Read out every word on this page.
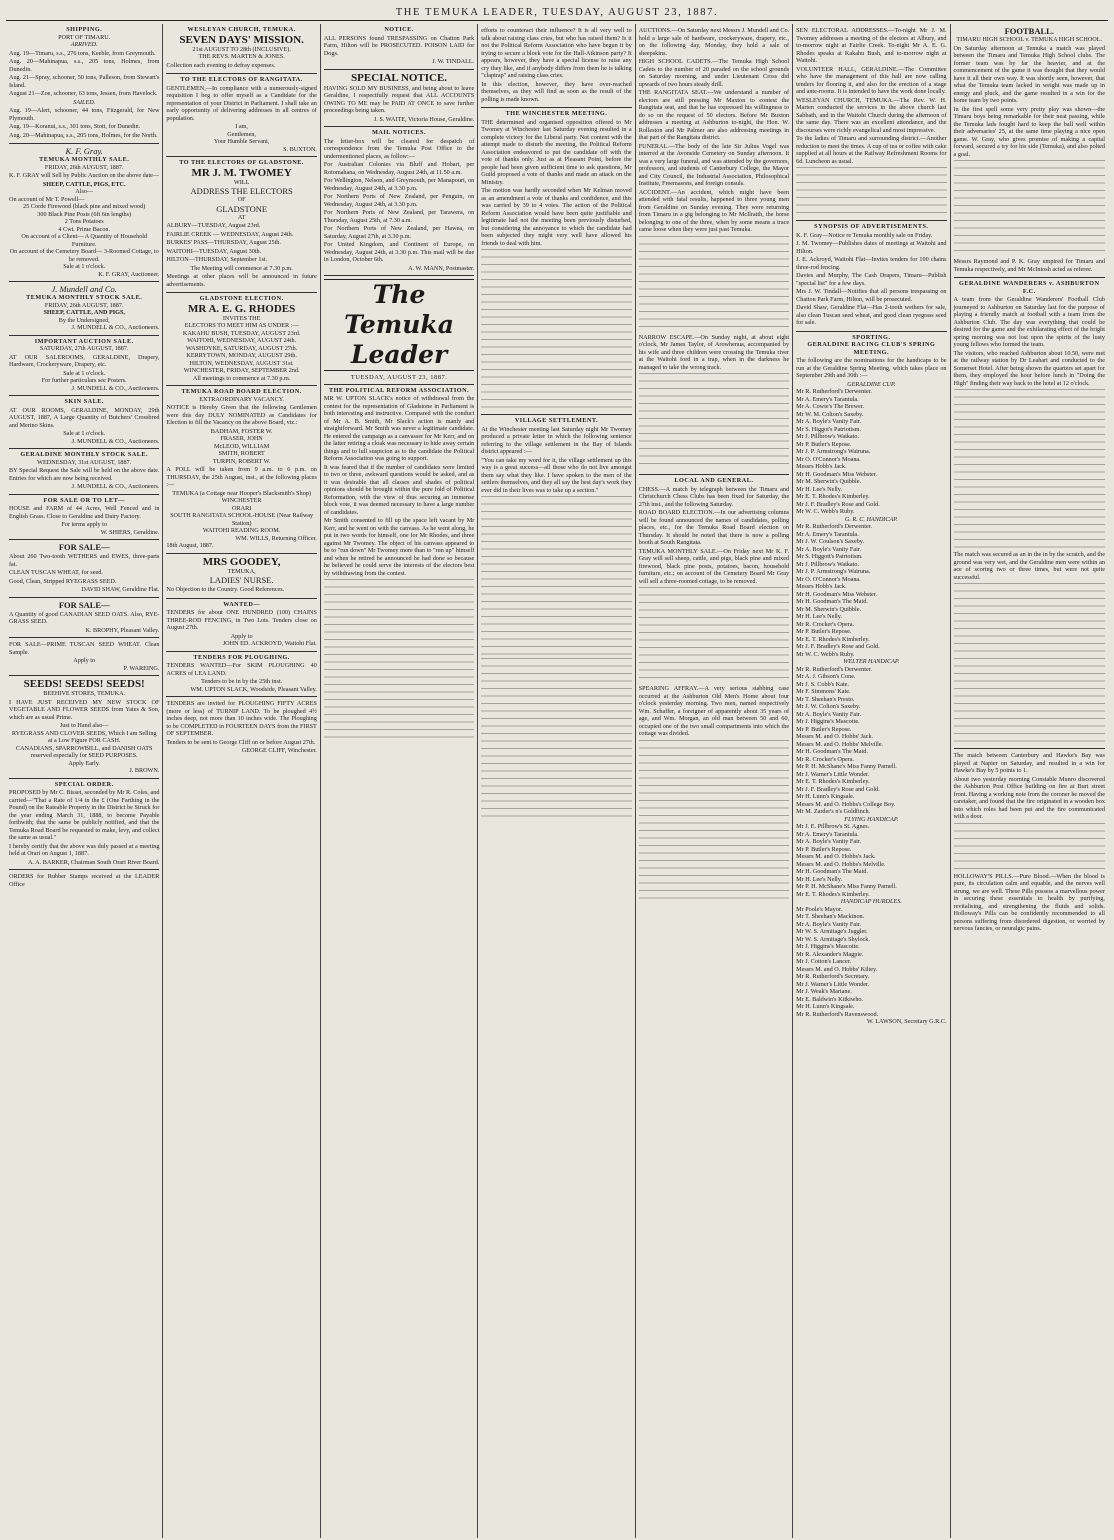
THE TEMUKA LEADER, TUESDAY, AUGUST 23, 1887.
SHIPPING.
PORT OF TIMARU.
ARRIVED.

Aug. 19—Timaru, s.s., 276 tons, Keeble, from Greymouth.

Aug. 20—Mahinapua, s.s., 205 tons, Holmes, from Dunedin.

Aug. 21—Spray, schooner, 50 tons, Palleson, from Stewart's Island.

August 21—Zoe, schooner, 63 tons, Jessen, from Havelock.

SAILED.

Aug. 19—Alert, schooner, 44 tons, Fitzgerald, for New Plymouth.

Aug. 19—Koranui, s.s., 301 tons, Stott, for Dunedin.

Aug. 20—Mahinapua, s.s., 205 tons, Holmes, for the North.

K. F. Gray.
TEMUKA MONTHLY SALE.
FRIDAY, 26th AUGUST, 1887.

K. F. GRAY will Sell by Public Auction on the above date—

SHEEP, CATTLE, PIGS, ETC.
Also—
On account of Mr T. Powell—
25 Corde Firewood (black pine and mixed wood)
300 Black Pine Posts (6ft 6in lengths)
2 Tons Potatoes
4 Cwt. Prime Bacon.
On account of a Client— A Quantity of Household Furniture.
On account of the Cemetery Board— 3-Roomed Cottage, to be removed.
Sale at 1 o'clock.
K. F. GRAY, Auctioneer.
J. Mundell and Co.
TEMUKA MONTHLY STOCK SALE.
FRIDAY, 26th AUGUST, 1887.
SHEEP, CATTLE, AND PIGS,
By the Undersigned,
J. MUNDELL & CO., Auctioneers.
IMPORTANT AUCTION SALE.
SATURDAY, 27th AUGUST, 1887.

AT OUR SALEROOMS, GERALDINE, Drapery, Hardware, Crockeryware, Drapery, etc.

Sale at 1 o'clock.
For further particulars see Posters.
J. MUNDELL & CO., Auctioneers.
SKIN SALE.

AT OUR ROOMS, GERALDINE, MONDAY, 29th AUGUST, 1887, A Large Quantity of Butchers' Crossbred and Merino Skins.

Sale at 1 o'clock.
J. MUNDELL & CO., Auctioneers.
GERALDINE MONTHLY STOCK SALE.
WEDNESDAY, 31st AUGUST, 1887.

BY Special Request the Sale will be held on the above date. Entries for which are now being received.

J. MUNDELL & CO., Auctioneers.
FOR SALE OR TO LET—

HOUSE and FARM of 44 Acres, Well Fenced and in English Grass. Close to Geraldine and Dairy Factory.

For terms apply to
W. SHIERS, Geraldine.
FOR SALE—

About 260 Two-tooth WETHERS and EWES, three-parts fat.

CLEAN TUSCAN WHEAT, for seed.

Good, Clean, Stripped RYEGRASS SEED.

DAVID SHAW, Geraldine Flat.
FOR SALE—

A Quantity of good CANADIAN SEED OATS. Also, RYE-GRASS SEED.

K. BROPHY, Pleasant Valley.

FOR SALE—PRIME TUSCAN SEED WHEAT. Clean Sample.

Apply to
P. WAREING.
SEEDS! SEEDS! SEEDS!
BEEHIVE STORES, TEMUKA.

I HAVE JUST RECEIVED MY NEW STOCK OF VEGETABLE AND FLOWER SEEDS from Yates & Son, which are as usual Prime.

Just to Hand also—
RYEGRASS AND CLOVER SEEDS, Which I am Selling at a Low Figure FOR CASH.
CANADIANS, SPARROWBILL, and DANISH OATS reserved especially for SEED PURPOSES.
Apply Early.
J. BROWN.
SPECIAL ORDER.

PROPOSED by Mr C. Bisset, seconded by Mr R. Coles, and carried—"That a Rate of 1/4 in the £ (One Farthing in the Pound) on the Rateable Property in the District be Struck for the year ending March 31, 1888, to become Payable forthwith; that the same be publicly notified, and that the Temuka Road Board be requested to make, levy, and collect the same as usual."

I hereby certify that the above was duly passed at a meeting held at Orari on August 1, 1887.

A. A. BARKER, Chairman South Orari River Board.

ORDERS for Rubber Stamps received at the LEADER Office

WESLEYAN CHURCH, TEMUKA.
SEVEN DAYS' MISSION.
21st AUGUST TO 28th (INCLUSIVE).
THE REVS. MARTEN & JONES.

Collection each evening to defray expenses.

TO THE ELECTORS OF RANGITATA.

GENTLEMEN,—In compliance with a numerously-signed requisition I beg to offer myself as a Candidate for the representation of your District in Parliament. I shall take an early opportunity of delivering addresses in all centres of population.

I am,
Gentlemen,
Your Humble Servant,
S. BUXTON.
TO THE ELECTORS OF GLADSTONE.
MR J. M. TWOMEY
WILL
ADDRESS THE ELECTORS
OF
GLADSTONE
AT

ALBURY—TUESDAY, August 23rd.

FAIRLIE CREEK — WEDNESDAY, August 24th.

BURKES' PASS—THURSDAY, August 25th.

WAITOHI—TUESDAY, August 30th.

HILTON—THURSDAY, September 1st.

The Meeting will commence at 7.30 p.m.

Meetings at other places will be announced in future advertisements.

GLADSTONE ELECTION.
MR A. E. G. RHODES
INVITES THE
ELECTORS TO MEET HIM AS UNDER :—
KAKAHU BUSH, TUESDAY, AUGUST 23rd.
WAITOHI, WEDNESDAY, AUGUST 24th.
WASHDYKE, SATURDAY, AUGUST 27th.
KERRYTOWN, MONDAY, AUGUST 29th.
HILTON, WEDNESDAY, AUGUST 31st.
WINCHESTER, FRIDAY, SEPTEMBER 2nd.
All meetings to commence at 7.30 p.m.
TEMUKA ROAD BOARD ELECTION.
EXTRAORDINARY VACANCY.

NOTICE is Hereby Given that the following Gentlemen were this day DULY NOMINATED as Candidates for Election to fill the Vacancy on the above Board, viz.:

BADHAM, FOSTER W.
FRASER, JOHN
McLEOD, WILLIAM
SMITH, ROBERT
TURPIN, ROBERT W.

A POLL will be taken from 9 a.m. to 6 p.m. on THURSDAY, the 25th August, inst., at the following places :—

TEMUKA (a Cottage near Hooper's Blacksmith's Shop)
WINCHESTER
ORARI
SOUTH RANGITATA SCHOOL-HOUSE (Near Railway Station)
WAITOHI READING ROOM.
WM. WILLS, Returning Officer.
18th August, 1887.
MRS GOODEY,
TEMUKA,
LADIES' NURSE.

No Objection to the Country. Good References.

WANTED—

TENDERS for about ONE HUNDRED (100) CHAINS THREE-ROD FENCING, in Two Lots. Tenders close on August 27th.

Apply to
JOHN ED. ACKROYD, Waitohi Flat.
TENDERS FOR PLOUGHING.

TENDERS WANTED—For SKIM PLOUGHING 40 ACRES of LEA LAND.

Tenders to be in by the 25th inst.
WM. UPTON SLACK, Woodside, Pleasant Valley.

TENDERS are invited for PLOUGHING FIFTY ACRES (more or less) of TURNIP LAND. To be ploughed 4½ inches deep, not more than 10 inches wide. The Ploughing to be COMPLETED in FOURTEEN DAYS from the FIRST OF SEPTEMBER.

Tenders to be sent to George Cliff on or before August 27th.

GEORGE CLIFF, Winchester.
NOTICE.

ALL PERSONS found TRESPASSING on Chatton Park Farm, Hilton will be PROSECUTED. POISON LAID for Dogs.

J. W. TINDALL.
SPECIAL NOTICE.

HAVING SOLD MY BUSINESS, and being about to leave Geraldine, I respectfully request that ALL ACCOUNTS OWING TO ME may be PAID AT ONCE to save further proceedings being taken.

J. S. WAITE, Victoria House, Geraldine.
MAIL NOTICES.

The letter-box will be cleared for despatch of correspondence from the Temuka Post Office to the undermentioned places, as follow:—

For Australian Colonies via Bluff and Hobart, per Rotomahana, on Wednesday, August 24th, at 11.50 a.m.

For Wellington, Nelson, and Greymouth, per Manapouri, on Wednesday, August 24th, at 3.30 p.m.

For Northern Ports of New Zealand, per Penguin, on Wednesday, August 24th, at 3.30 p.m.

For Northern Ports of New Zealand, per Tarawera, on Thursday, August 25th, at 7.30 a.m.

For Northern Ports of New Zealand, per Hawea, on Saturday, August 27th, at 3.30 p.m.

For United Kingdom, and Continent of Europe, on Wednesday, August 24th, at 3.30 p.m. This mail will be due in London, October 6th.

A. W. MANN, Postmaster.
The Temuka Leader
TUESDAY, AUGUST 23, 1887.
THE POLITICAL REFORM ASSOCIATION.

MR W. UPTON SLACK's notice of withdrawal from the contest for the representation of Gladstone in Parliament is both interesting and instructive. Compared with the conduct of Mr A. B. Smith, Mr Slack's action is manly and straightforward. Mr Smith was never a legitimate candidate. He entered the campaign as a canvasser for Mr Kerr, and on the latter retiring a cloak was necessary to hide away certain things and to lull suspicion as to the candidate the Political Reform Association was going to support.

It was feared that if the number of candidates were limited to two or three, awkward questions would be asked, and as it was desirable that all classes and shades of political opinions should be brought within the pure fold of Political Reformation, with the view of thus securing an immense block vote, it was deemed necessary to have a large number of candidates.

Mr Smith consented to fill up the space left vacant by Mr Kerr, and he went on with the canvass. As he went along, he put in two words for himself, one for Mr Rhodes, and three against Mr Twomey. The object of his canvass appeared to be to "run down" Mr Twomey more than to "run up" himself and when he retired he announced he had done so because he believed he could serve the interests of the electors best by withdrawing from the contest.

efforts to counteract their influence? It is all very well to talk about raising class cries, but who has raised them? Is it not the Political Reform Association who have begun it by trying to secure a block vote for the Hall-Atkinson party? It appears, however, they have a special license to raise any cry they like, and if anybody differs from them he is talking "claptrap" and raising class cries.

In this election, however, they have over-reached themselves, as they will find as soon as the result of the polling is made known.

THE WINCHESTER MEETING.

THE determined and organised opposition offered to Mr Twomey at Winchester last Saturday evening resulted in a complete victory for the Liberal party. Not content with the attempt made to disturb the meeting, the Political Reform Association endeavored to put the candidate off with the vote of thanks only. Just as at Pleasant Point, before the people had been given sufficient time to ask questions, Mr Guild proposed a vote of thanks and made an attack on the Ministry.

The motion was hardly seconded when Mr Kelman moved as an amendment a vote of thanks and confidence, and this was carried by 39 to 4 votes. The action of the Political Reform Association would have been quite justifiable and legitimate had not the meeting been previously disturbed, but considering the annoyance to which the candidate had been subjected they might very well have allowed his friends to deal with him.

VILLAGE SETTLEMENT.

At the Winchester meeting last Saturday night Mr Twomey produced a private letter in which the following sentence referring to the village settlement in the Bay of Islands district appeared :—

"You can take my word for it, the village settlement up this way is a great success—all those who do not live amongst them say what they like. I have spoken to the men of the settlers themselves, and they all say the best day's work they ever did in their lives was to take up a section."

AUCTIONS.—On Saturday next Messrs J. Mundell and Co. hold a large sale of hardware, crockeryware, drapery, etc., on the following day, Monday, they hold a sale of sheepskins.

HIGH SCHOOL CADETS.—The Temuka High School Cadets to the number of 20 paraded on the school grounds on Saturday morning, and under Lieutenant Cross did upwards of two hours steady drill.

THE RANGITATA SEAT.—We understand a number of electors are still pressing Mr Maxton to contest the Rangitata seat, and that he has expressed his willingness to do so on the request of 50 electors. Before Mr Buxton addresses a meeting at Ashburton to-night, the Hon. W. Rolleston and Mr Palmer are also addressing meetings in that part of the Rangitata district.

FUNERAL.—The body of the late Sir Julius Vogel was interred at the Avonside Cemetery on Sunday afternoon. It was a very large funeral, and was attended by the governors, professors, and students of Canterbury College, the Mayor and City Council, the Industrial Association, Philosophical Institute, Freemasons, and foreign consuls.

ACCIDENT.—An accident, which might have been attended with fatal results, happened to three young men from Geraldine on Sunday evening. They were returning from Timaru in a gig belonging to Mr McIlraith, the horse belonging to one of the three, when by some means a trace came loose when they were just past Temuka.

NARROW ESCAPE.—On Sunday night, at about eight o'clock, Mr James Taylor, of Arowhenua, accompanied by his wife and three children were crossing the Temuka river at the Waitohi ford in a trap, when in the darkness he managed to take the wrong track.

LOCAL AND GENERAL.

CHESS.—A match by telegraph between the Timaru and Christchurch Chess Clubs has been fixed for Saturday, the 27th inst., and the following Saturday.

ROAD BOARD ELECTION.—In our advertising columns will be found announced the names of candidates, polling places, etc., for the Temuka Road Board election on Thursday. It should be noted that there is now a polling booth at South Rangitata.

TEMUKA MONTHLY SALE.—On Friday next Mr K. F. Gray will sell sheep, cattle, and pigs, black pine and mixed firewood, black pine posts, potatoes, bacon, household furniture, etc.; on account of the Cemetery Board Mr Gray will sell a three-roomed cottage, to be removed.

SPEARING AFFRAY.—A very serious stabbing case occurred at the Ashburton Old Men's Home about four o'clock yesterday morning. Two men, named respectively Wm. Schaffer, a foreigner of apparently about 35 years of age, and Wm. Morgan, an old man between 50 and 60, occupied one of the two small compartments into which the cottage was divided.

SEN ELECTORAL ADDRESSES.—To-night Mr J. M. Twomey addresses a meeting of the electors at Albury, and to-morrow night at Fairlie Creek. To-night Mr A. E. G. Rhodes speaks at Kakahu Bush, and to-morrow night at Waitohi.

VOLUNTEER HALL, GERALDINE.—The Committee who have the management of this hall are now calling tenders for flooring it, and also for the erection of a stage and ante-rooms. It is intended to have the work done locally.

WESLEYAN CHURCH, TEMUKA.—The Rev. W. H. Marten conducted the services in the above church last Sabbath, and in the Waitohi Church during the afternoon of the same day. There was an excellent attendance, and the discourses were richly evangelical and most impressive.

To the ladies of Timaru and surrounding district.—Another reduction to meet the times. A cup of tea or coffee with cake supplied at all hours at the Railway Refreshment Rooms for 6d. Luncheon as usual.

SYNOPSIS OF ADVERTISEMENTS.

K. F. Gray—Notice re Temuka monthly sale on Friday.

J. M. Twomey—Publishes dates of meetings at Waitohi and Hilton.

J. E. Ackroyd, Waitohi Flat—Invites tenders for 100 chains three-rod fencing.

Davies and Murphy, The Cash Drapers, Timaru—Publish "special list" for a few days.

Mrs J. W. Tindall—Notifies that all persons trespassing on Chatton Park Farm, Hilton, will be prosecuted.

David Shaw, Geraldine Flat—Has 2-tooth wethers for sale, also clean Tuscan seed wheat, and good clean ryegrass seed for sale.

SPORTING.
GERALDINE RACING CLUB'S SPRING MEETING.

The following are the nominations for the handicaps to be run at the Geraldine Spring Meeting, which takes place on September 29th and 30th :—

GERALDINE CUP.
Mr R. Rutherford's Derwenter.
Mr A. Emery's Tarantula.
Mr A. Cowie's The Brewer.
Mr W. M. Colton's Saxeby.
Mr A. Boyle's Vanity Fair.
Mr S. Higgot's Patriotism.
Mr J. Pillbrow's Waikato.
Mr P. Butler's Repose.
Mr J. P. Armstrong's Wairuna.
Mr O. O'Connor's Moana.
Messrs Hobb's Jack.
Mr H. Goodman's Miss Webster.
Mr M. Sherwin's Quibble.
Mr H. Lee's Nelly.
Mr E. T. Rhodes's Kimberley.
Mr J. F. Bradley's Rose and Gold.
Mr W. C. Webb's Ruby.
G. R. C. HANDICAP.
Mr R. Rutherford's Derwenter.
Mr A. Emery's Tarantula.
Mr J. W. Coulson's Saxeby.
Mr A. Boyle's Vanity Fair.
Mr S. Higgott's Patriotism.
Mr J. Pillbrow's Waikato.
Mr J. P. Armstrong's Wairuna.
Mr O. O'Connor's Moana.
Messrs Hobb's Jack.
Mr H. Goodman's Miss Webster.
Mr H. Goodman's The Maid.
Mr M. Sherwin's Quibble.
Mr H. Lee's Nelly.
Mr R. Crocker's Opera.
Mr P. Butler's Repose.
Mr E. T. Rhodes's Kimberley.
Mr J. F. Bradley's Rose and Gold.
Mr W. C. Webb's Ruby.
WELTER HANDICAP.
Mr R. Rutherford's Derwenter.
Mr A. J. Gibson's Cone.
Mr J. S. Cobb's Kate.
Mr F. Simmons' Kate.
Mr T. Sheehan's Presto.
Mr J. W. Colton's Saxeby.
Mr A. Boyle's Vanity Fair.
Mr J. Higgins's Mascotte.
Mr P. Butler's Repose.
Messrs M. and O. Hobbs' Jack.
Messrs M. and O. Hobbs' Melville.
Mr H. Goodman's The Maid.
Mr R. Crocker's Opera.
Mr P. H. McShane's Miss Fanny Parnell.
Mr J. Warner's Little Wonder.
Mr E. T. Rhodes's Kimberley.
Mr J. F. Bradley's Rose and Gold.
Mr H. Lunn's Kingsale.
Messrs M. and O. Hobbs's College Boy.
Mr M. Zarder's n's Goldfinch.
FLYING HANDICAP.
Mr J. E. Pillbrow's St. Agnes.
Mr A. Emery's Tarantula.
Mr A. Boyle's Vanity Fair.
Mr P. Butler's Repose.
Messrs M. and O. Hobbs's Jack.
Messrs M. and O. Hobbs's Melville.
Mr H. Goodman's The Maid.
Mr H. Lee's Nelly.
Mr P. H. McShane's Miss Fanny Parnell.
Mr E. T. Rhodes's Kimberley.
HANDICAP HURDLES.
Mr Poole's Mayor.
Mr T. Sheehan's Mackinon.
Mr A. Boyle's Vanity Fair.
Mr W. S. Armitage's Juggler.
Mr W. S. Armitage's Shylock.
Mr J. Higgins's Mascotte.
Mr R. Alexander's Magpie.
Mr J. Cotton's Lancer.
Messrs M. and O. Hobbs' Kiltey.
Mr R. Rutherford's Secretary.
Mr J. Warner's Little Wonder.
Mr J. Weak's Mariane.
Mr E. Baldwin's Kitkiwho.
Mr H. Lunn's Kingsale.
Mr R. Rutherford's Ravenswood.
W. LAWSON, Secretary G.R.C.
FOOTBALL.
TIMARU HIGH SCHOOL v. TEMUKA HIGH SCHOOL.

On Saturday afternoon at Temuka a match was played between the Timaru and Temuka High School clubs. The former team was by far the heavier, and at the commencement of the game it was thought that they would have it all their own way. It was shortly seen, however, that what the Temuka team lacked in weight was made up in energy and pluck, and the game resulted in a win for the home team by two points.

In the first spell some very pretty play was shown—the Timaru boys being remarkable for their neat passing, while the Temuka lads fought hard to keep the ball well within their adversaries' 25, at the same time playing a nice open game. W. Gray, who gives promise of making a capital forward, secured a try for his side (Temuka), and also polted a goal.

Messrs Raymond and P. K. Gray umpired for Timaru and Temuka respectively, and Mr McIntosh acted as referee.

GERALDINE WANDERERS v. ASHBURTON F.C.

A team from the Geraldine Wanderers' Football Club journeyed to Ashburton on Saturday last for the purpose of playing a friendly match at football with a team from the Ashburton Club. The day was everything that could be desired for the game and the exhilarating effect of the bright spring morning was not lost upon the spirits of the lusty young fellows who formed the team.

The visitors, who reached Ashburton about 10.50, were met at the railway station by Dr Leahart and conducted to the Somerset Hotel. After being shown the quarters set apart for them, they employed the hour before lunch in "Doing the High" finding their way back to the hotel at 12 o'clock.

The match was secured as an in the in by the scratch, and the ground was very wet, and the Geraldine men were within an ace of scoring two or three times, but were not quite successful.

The match between Canterbury and Hawke's Bay was played at Napier on Saturday, and resulted in a win for Hawke's Bay by 5 points to 1.

About two yesterday morning Constable Munro discovered the Ashburton Post Office building on fire at Burt street front. Having a working note from the coroner he moved the caretaker, and found that the fire originated in a wooden box into which roles had been put and the fire communicated with a door.

HOLLOWAY'S PILLS.—Pure Blood.—When the blood is pure, its circulation calm and equable, and the nerves well strung, we are well. These Pills possess a marvellous power in securing these essentials to health by purifying, revitalising, and strengthening the fluids and solids. Holloway's Pills can be confidently recommended to all persons suffering from disordered digestion, or worried by nervous fancies, or neuralgic pains.
